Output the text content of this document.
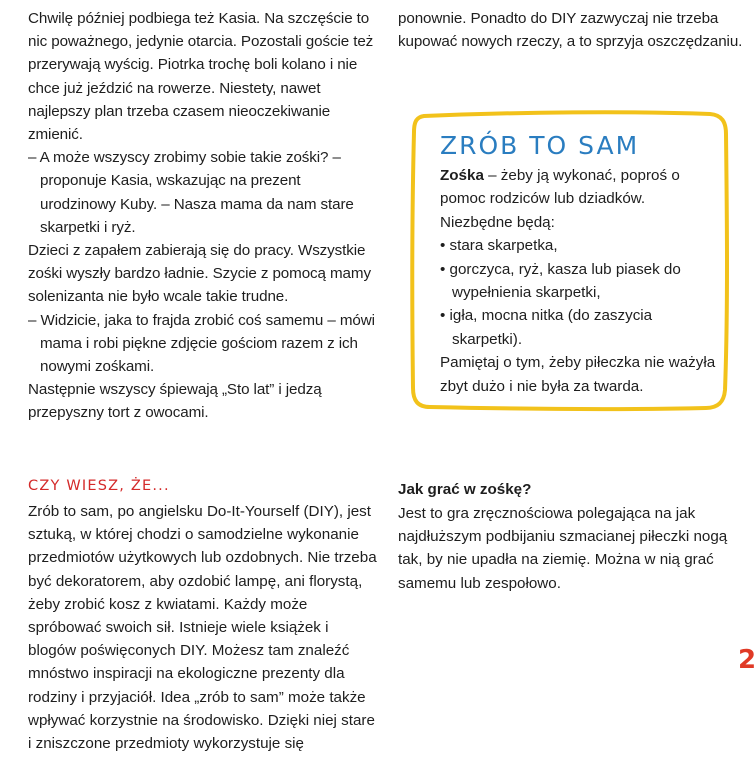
Chwilę później podbiega też Kasia. Na szczęście to nic poważnego, jedynie otarcia. Pozostali goście też przerywają wyścig. Piotrka trochę boli kolano i nie chce już jeździć na rowerze. Niestety, nawet najlepszy plan trzeba czasem nieoczekiwanie zmienić.

– A może wszyscy zrobimy sobie takie zośki? – proponuje Kasia, wskazując na prezent urodzinowy Kuby. – Nasza mama da nam stare skarpetki i ryż.

Dzieci z zapałem zabierają się do pracy. Wszystkie zośki wyszły bardzo ładnie. Szycie z pomocą mamy solenizanta nie było wcale takie trudne.

– Widzicie, jaka to frajda zrobić coś samemu – mówi mama i robi piękne zdjęcie gościom razem z ich nowymi zośkami.

Następnie wszyscy śpiewają „Sto lat” i jedzą przepyszny tort z owocami.

ponownie. Ponadto do DIY zazwyczaj nie trzeba kupować nowych rzeczy, a to sprzyja oszczędzaniu.

ZRÓB TO SAM

Zośka – żeby ją wykonać, poproś o pomoc rodziców lub dziadków.

Niezbędne będą:

• stara skarpetka,

• gorczyca, ryż, kasza lub piasek do wypełnienia skarpetki,

• igła, mocna nitka (do zaszycia skarpetki).

Pamiętaj o tym, żeby piłeczka nie ważyła zbyt dużo i nie była za twarda.

CZY WIESZ, ŻE...

Zrób to sam, po angielsku Do-It-Yourself (DIY), jest sztuką, w której chodzi o samodzielne wykonanie przedmiotów użytkowych lub ozdobnych. Nie trzeba być dekoratorem, aby ozdobić lampę, ani florystą, żeby zrobić kosz z kwiatami. Każdy może spróbować swoich sił. Istnieje wiele książek i blogów poświęconych DIY. Możesz tam znaleźć mnóstwo inspiracji na ekologiczne prezenty dla rodziny i przyjaciół. Idea „zrób to sam” może także wpływać korzystnie na środowisko. Dzięki niej stare i zniszczone przedmioty wykorzystuje się

Jak grać w zośkę?

Jest to gra zręcznościowa polegająca na jak najdłuższym podbijaniu szmacianej piłeczki nogą tak, by nie upadła na ziemię. Można w nią grać samemu lub zespołowo.

2
